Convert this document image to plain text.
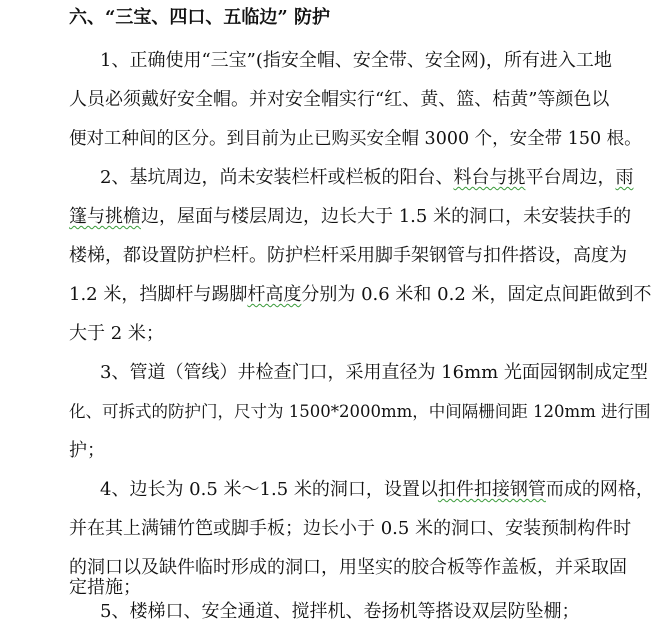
六、“三宝、四口、五临边” 防护
1、正确使用“三宝”(指安全帽、安全带、安全网)，所有进入工地
人员必须戴好安全帽。并对安全帽实行“红、黄、篮、桔黄”等颜色以
便对工种间的区分。到目前为止已购买安全帽 3000 个，安全带 150 根。
2、基坑周边，尚未安装栏杆或栏板的阳台、料台与挑平台周边，雨
篷与挑檐边，屋面与楼层周边，边长大于 1.5 米的洞口，未安装扶手的
楼梯，都设置防护栏杆。防护栏杆采用脚手架钢管与扣件搭设，高度为
1.2 米，挡脚杆与踢脚杆高度分别为 0.6 米和 0.2 米，固定点间距做到不
大于 2 米；
3、管道（管线）井检查门口，采用直径为 16mm 光面园钢制成定型
化、可拆式的防护门，尺寸为 1500*2000mm，中间隔栅间距 120mm 进行围
护；
4、边长为 0.5 米～1.5 米的洞口，设置以扣件扣接钢管而成的网格，
并在其上满铺竹笆或脚手板；边长小于 0.5 米的洞口、安装预制构件时
的洞口以及缺件临时形成的洞口，用坚实的胶合板等作盖板，并采取固
定措施；
5、楼梯口、安全通道、搅拌机、卷扬机等搭设双层防坠棚；
